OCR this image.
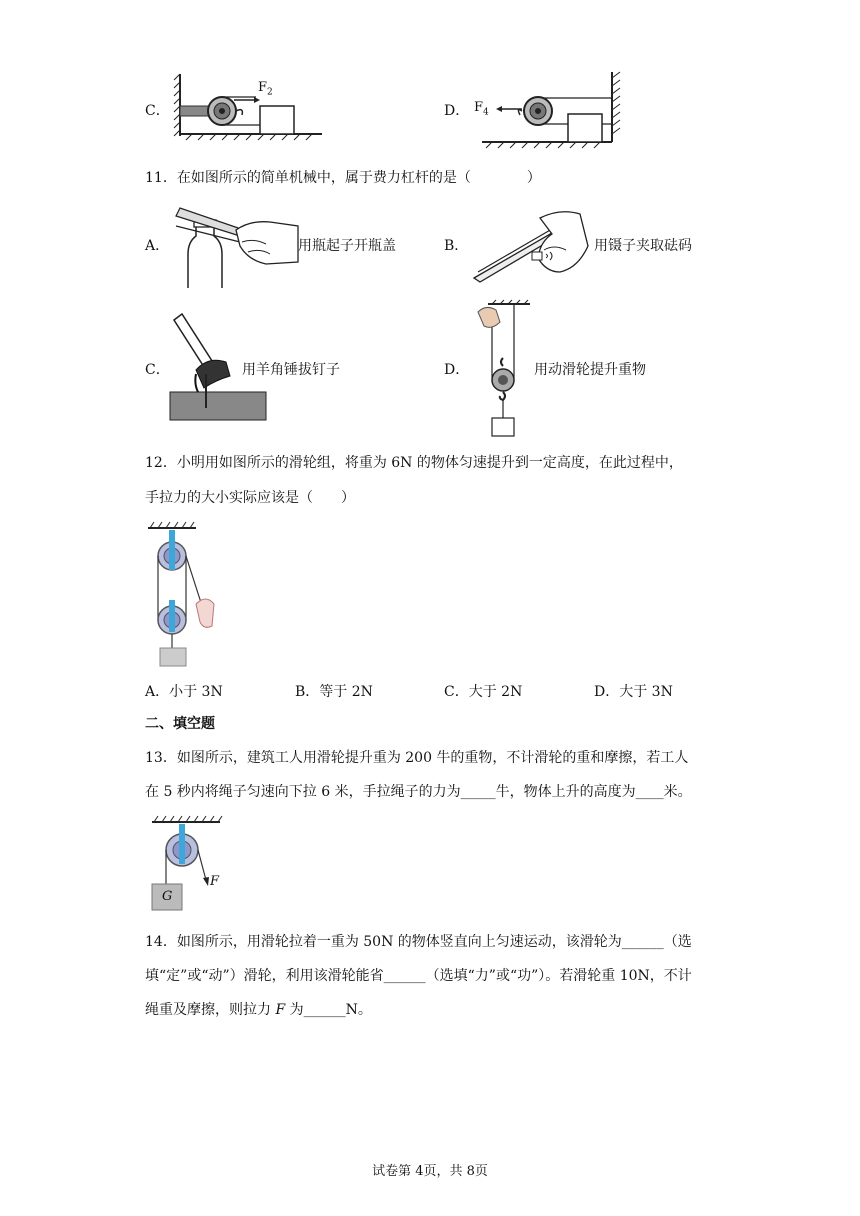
C．
$F_2$
D． $F_4$
11．在如图所示的简单机械中，属于费力杠杆的是（　　　　）
A．	用瓶起子开瓶盖	B．	用镊子夹取砝码
C．	用羊角锤拔钉子	D．	用动滑轮提升重物
12．小明用如图所示的滑轮组，将重为 6N 的物体匀速提升到一定高度，在此过程中，
手拉力的大小实际应该是（　　）
A．小于 3N	B．等于 2N	C．大于 2N	D．大于 3N
二、填空题
13．如图所示，建筑工人用滑轮提升重为 200 牛的重物，不计滑轮的重和摩擦，若工人
在 5 秒内将绳子匀速向下拉 6 米，手拉绳子的力为_____牛，物体上升的高度为____米。
G
F
14．如图所示，用滑轮拉着一重为 50N 的物体竖直向上匀速运动，该滑轮为______（选
填“定”或“动”）滑轮，利用该滑轮能省______（选填“力”或“功”）。若滑轮重 10N，不计
绳重及摩擦，则拉力 F 为______N。
试卷第 4页，共 8页
